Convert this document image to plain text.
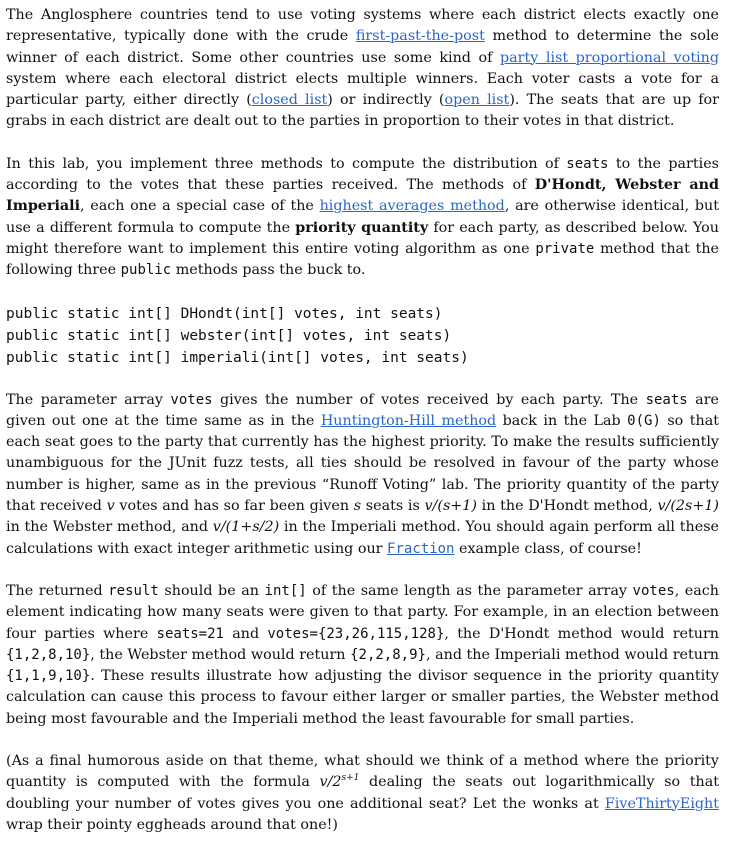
The Anglosphere countries tend to use voting systems where each district elects exactly one representative, typically done with the crude first-past-the-post method to determine the sole winner of each district. Some other countries use some kind of party list proportional voting system where each electoral district elects multiple winners. Each voter casts a vote for a particular party, either directly (closed list) or indirectly (open list). The seats that are up for grabs in each district are dealt out to the parties in proportion to their votes in that district.

In this lab, you implement three methods to compute the distribution of seats to the parties according to the votes that these parties received. The methods of D'Hondt, Webster and Imperiali, each one a special case of the highest averages method, are otherwise identical, but use a different formula to compute the priority quantity for each party, as described below. You might therefore want to implement this entire voting algorithm as one private method that the following three public methods pass the buck to.

public static int[] DHondt(int[] votes, int seats)
public static int[] webster(int[] votes, int seats)
public static int[] imperiali(int[] votes, int seats)

The parameter array votes gives the number of votes received by each party. The seats are given out one at the time same as in the Huntington-Hill method back in the Lab 0(G) so that each seat goes to the party that currently has the highest priority. To make the results sufficiently unambiguous for the JUnit fuzz tests, all ties should be resolved in favour of the party whose number is higher, same as in the previous “Runoff Voting” lab. The priority quantity of the party that received v votes and has so far been given s seats is v/(s+1) in the D'Hondt method, v/(2s+1) in the Webster method, and v/(1+s/2) in the Imperiali method. You should again perform all these calculations with exact integer arithmetic using our Fraction example class, of course!

The returned result should be an int[] of the same length as the parameter array votes, each element indicating how many seats were given to that party. For example, in an election between four parties where seats=21 and votes={23,26,115,128}, the D'Hondt method would return {1,2,8,10}, the Webster method would return {2,2,8,9}, and the Imperiali method would return {1,1,9,10}. These results illustrate how adjusting the divisor sequence in the priority quantity calculation can cause this process to favour either larger or smaller parties, the Webster method being most favourable and the Imperiali method the least favourable for small parties.

(As a final humorous aside on that theme, what should we think of a method where the priority quantity is computed with the formula $v/2^{s+1}$ dealing the seats out logarithmically so that doubling your number of votes gives you one additional seat? Let the wonks at FiveThirtyEight wrap their pointy eggheads around that one!)
